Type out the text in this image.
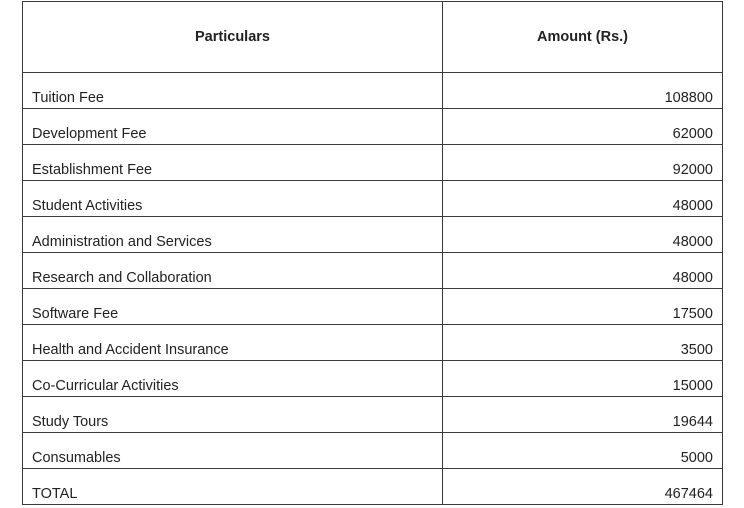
Particulars	Amount (Rs.)
Tuition Fee	108800
Development Fee	62000
Establishment Fee	92000
Student Activities	48000
Administration and Services	48000
Research and Collaboration	48000
Software Fee	17500
Health and Accident Insurance	3500
Co-Curricular Activities	15000
Study Tours	19644
Consumables	5000
TOTAL	467464
